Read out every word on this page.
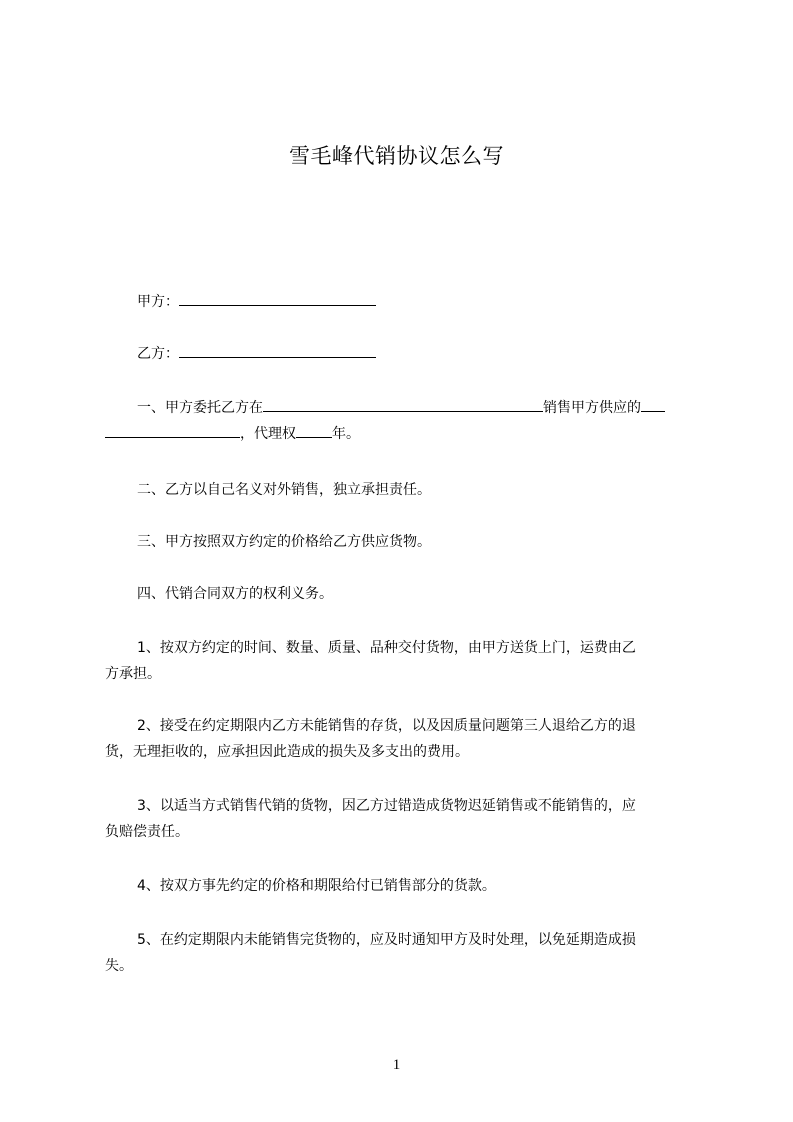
雪毛峰代销协议怎么写
甲方：
乙方：
一、甲方委托乙方在	销售甲方供应的
，代理权	年。
二、乙方以自己名义对外销售，独立承担责任。
三、甲方按照双方约定的价格给乙方供应货物。
四、代销合同双方的权利义务。
1、按双方约定的时间、数量、质量、品种交付货物，由甲方送货上门，运费由乙
方承担。
2、接受在约定期限内乙方未能销售的存货，以及因质量问题第三人退给乙方的退
货，无理拒收的，应承担因此造成的损失及多支出的费用。
3、以适当方式销售代销的货物，因乙方过错造成货物迟延销售或不能销售的，应
负赔偿责任。
4、按双方事先约定的价格和期限给付已销售部分的货款。
5、在约定期限内未能销售完货物的，应及时通知甲方及时处理，以免延期造成损
失。
1
